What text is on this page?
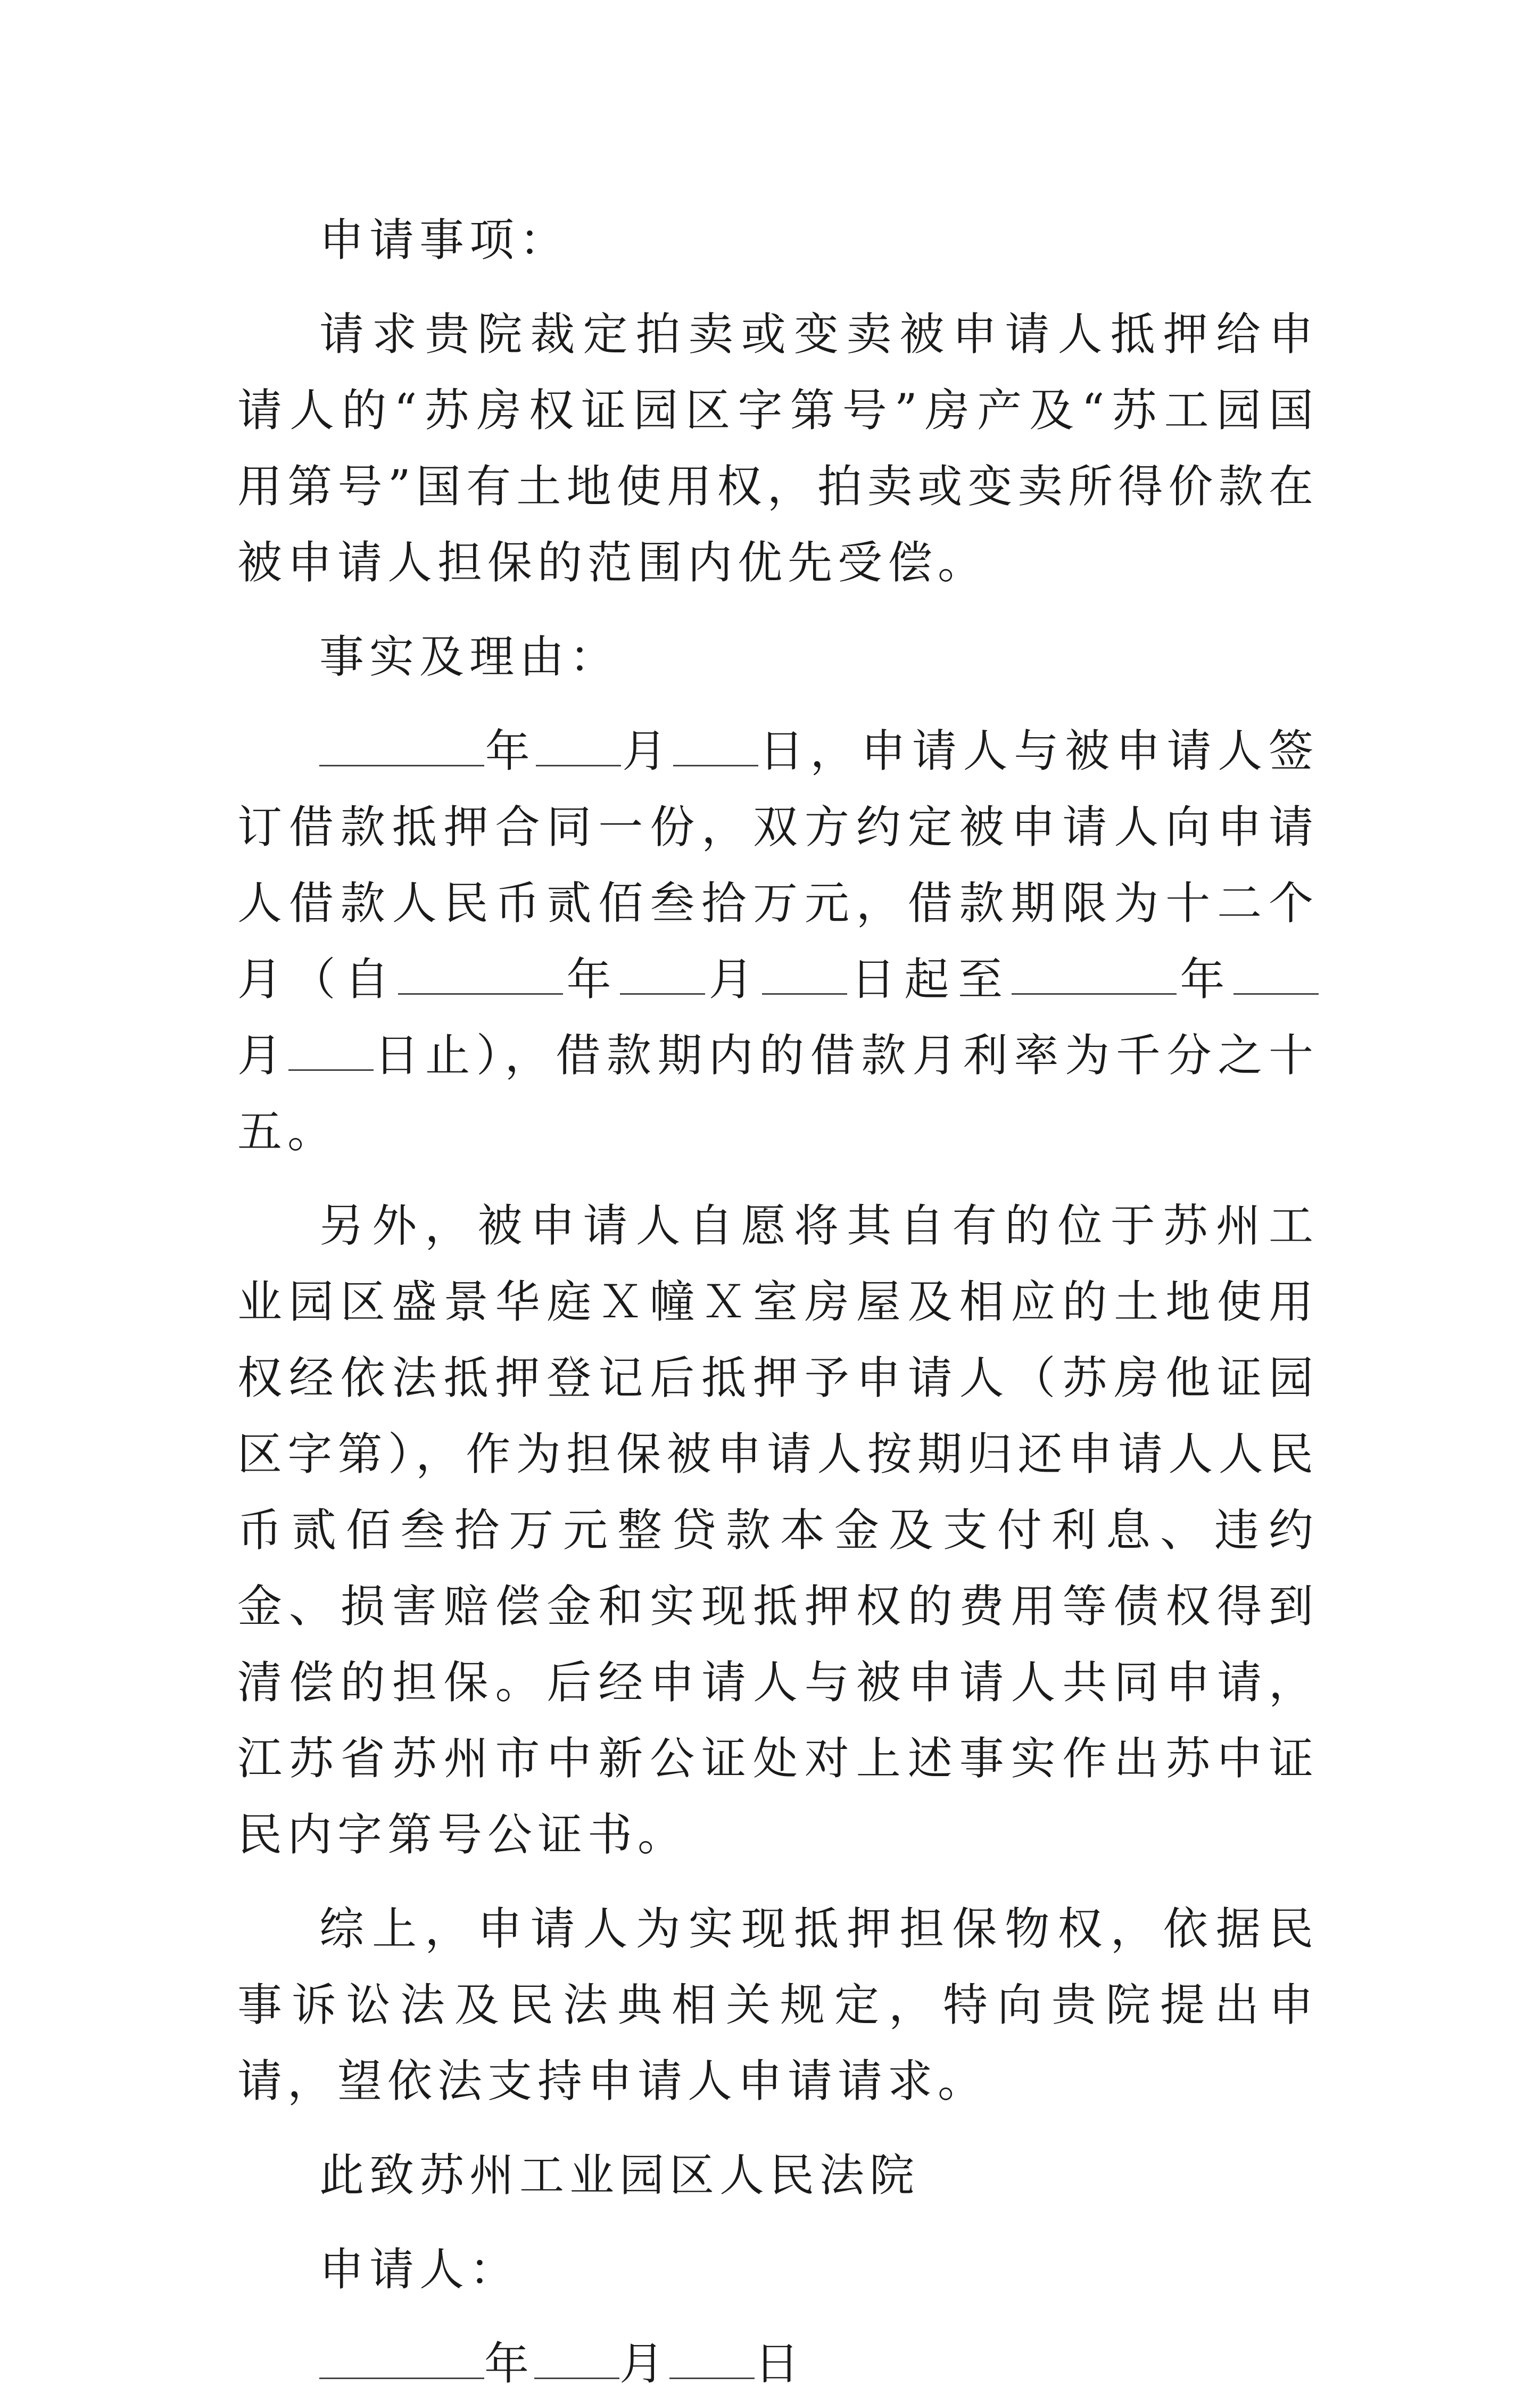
申请事项：

请求贵院裁定拍卖或变卖被申请人抵押给申请人的“苏房权证园区字第号”房产及“苏工园国用第号”国有土地使用权，拍卖或变卖所得价款在被申请人担保的范围内优先受偿。

事实及理由：

年 月 日，申请人与被申请人签订借款抵押合同一份，双方约定被申请人向申请人借款人民币贰佰叁拾万元，借款期限为十二个月（自	年 月 日起至	年月 日止），借款期内的借款月利率为千分之十五。

另外，被申请人自愿将其自有的位于苏州工业园区盛景华庭Ｘ幢Ｘ室房屋及相应的土地使用权经依法抵押登记后抵押予申请人（苏房他证园区字第），作为担保被申请人按期归还申请人人民币贰佰叁拾万元整贷款本金及支付利息、违约金、损害赔偿金和实现抵押权的费用等债权得到清偿的担保。后经申请人与被申请人共同申请，江苏省苏州市中新公证处对上述事实作出苏中证民内字第号公证书。

综上，申请人为实现抵押担保物权，依据民事诉讼法及民法典相关规定，特向贵院提出申请，望依法支持申请人申请请求。

此致苏州工业园区人民法院

申请人：

年 月 日
